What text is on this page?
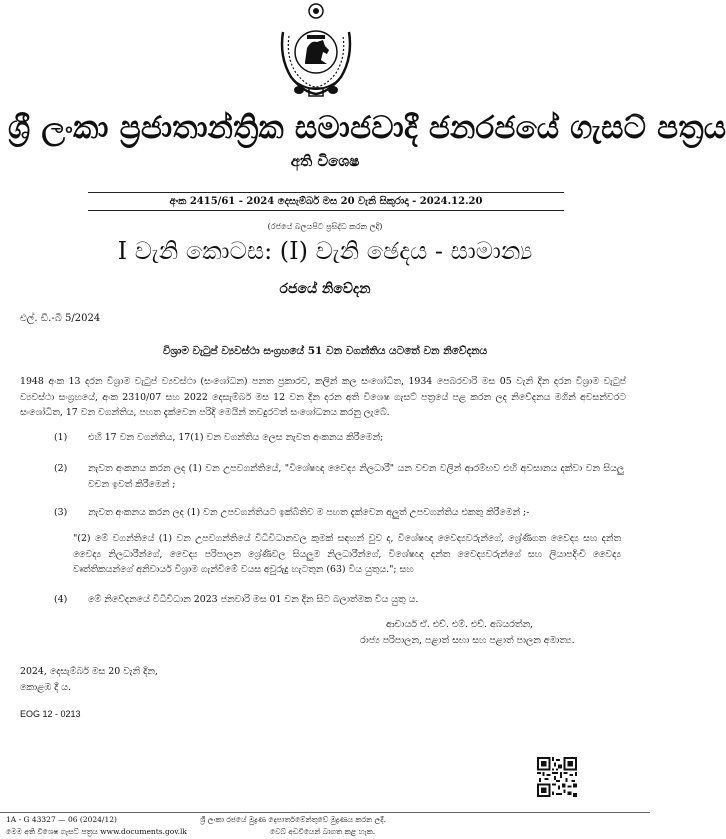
ශ්‍රී ලංකා ප්‍රජාතාන්ත්‍රික සමාජවාදී ජනරජයේ ගැසට් පත්‍රය
අති විශෙෂ
අංක 2415/61 - 2024 දෙසැම්බර් මස 20 වැනි සිකුරාදා - 2024.12.20
(රජයේ බලයපිට ප්‍රසිද්ධ කරන ලදි)
I වැනි කොටස: (I) වැනි ඡෙදය - සාමාන්‍ය
රජයේ නිවේදන
එල්. ඩී.-බී 5/2024
විශ්‍රාම වැටුප් ව්‍යවස්ථා සංග්‍රහයේ 51 වන වගන්තිය යටතේ වන නිවේදනය
1948 අංක 13 දරන විශ්‍රාම වැටුප් ව්‍යවස්ථා (සංශෝධන) පනත ප්‍රකාරව, කලින් කල සංශෝධිත, 1934 පෙබරවාරි මස 05 වැනි දින දරන විශ්‍රාම වැටුප් ව්‍යවස්ථා සංග්‍රහයේ, අංක 2310/07 සහ 2022 දෙසැම්බර් මස 12 වන දින දරන අති විශෙෂ ගැසට් පත්‍රයේ පළ කරන ලද නිවේදනය මගින් අවසන්වරට සංශෝධිත, 17 වන වගන්තිය, පහත දැක්වෙන පරිදි මෙයින් තවදුරටත් සංශෝධනය කරනු ලැබේ.
(1)	එහි 17 වන වගන්තිය, 17(1) වන වගන්තිය ලෙස නැවත අංකනය කිරීමෙන්;
(2)	නැවත අංකනය කරන ලද (1) වන උපවගන්තියේ, "විශේෂඥ වෛද්‍ය නිලධාරී" යන වචන වලින් ආරම්භව එහි අවසානය දක්වා වන සියලු වචන ඉවත් කිරීමෙන් ;
(3)	නැවත අංකනය කරන ලද (1) වන උපවගන්තියට ඉක්බිතිව ම පහත දැක්වෙන අලුත් උපවගන්තිය එකතු කිරීමෙන් ;-
"(2) මේ වගන්තියේ (1) වන උපවගන්තියේ විධිවිධානවල කුමක් සඳහන් වුව ද, විශේෂඥ වෛද්‍යවරුන්ගේ, ශ්‍රේණිගත වෛද්‍ය සහ දන්ත වෛද්‍ය නිලධාරීන්ගේ, වෛද්‍ය පරිපාලන ශ්‍රේණිවල සියලුම නිලධාරීන්ගේ, විශේෂඥ දන්ත වෛද්‍යවරුන්ගේ සහ ලියාපදිංචි වෛද්‍ය වෘත්තිකයන්ගේ අනිවාර්ය විශ්‍රාම ගැන්වීමේ වයස අවුරුදු හැටතුන (63) විය යුතුය."; සහ
(4)	මේ නිවේදනයේ විධිවිධාන 2023 ජනවාරි මස 01 වන දින සිට බලාත්මක විය යුතු ය.
ආචාර්ය ඒ. එච්. එම්. එච්. අබයරත්න,
රාජ්‍ය පරිපාලන, පළාත් සභා සහ පළාත් පාලන අමාත්‍ය.
2024, දෙසැම්බර් මස 20 වැනි දින,
කොළඹ දී ය.
EOG 12 - 0213
1A - G 43327 — 06 (2024/12)	ශ්‍රී ලංකා රජයේ මුද්‍රණ දෙපාර්තමේන්තුවේ මුද්‍රණය කරන ලදී.
මෙම අති විශෙෂ ගැසට් පත්‍රය www.documents.gov.lk	වෙබ් අඩවියෙන් බාගත කළ හැක.
